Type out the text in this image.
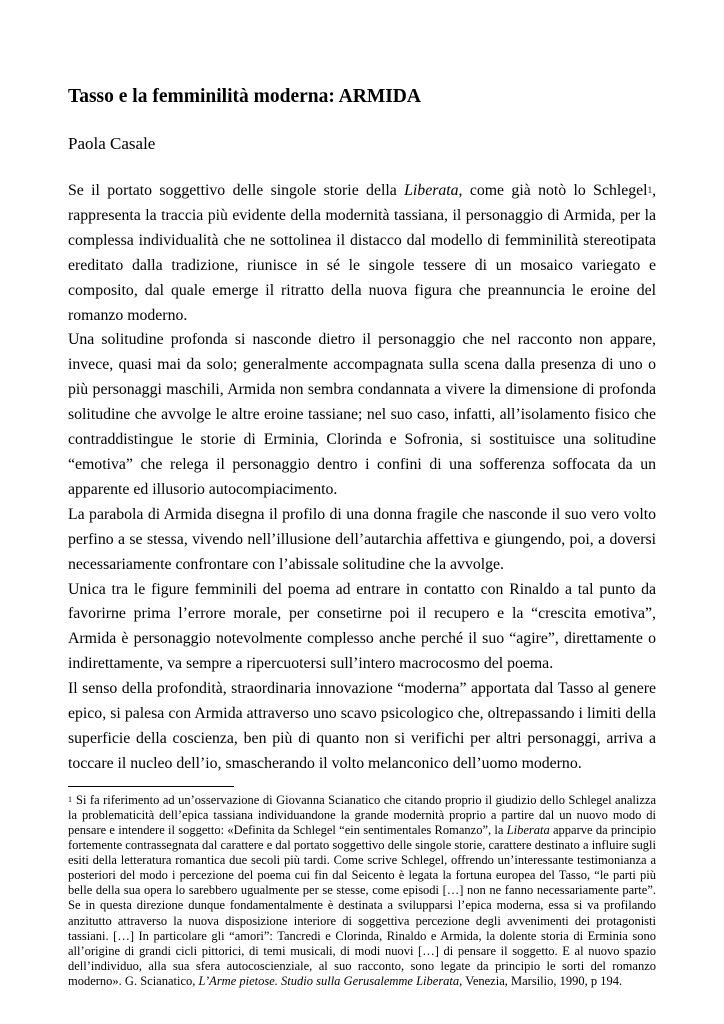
Tasso e la femminilità moderna: ARMIDA
Paola Casale

Se il portato soggettivo delle singole storie della Liberata, come già notò lo Schlegel$^1$, rappresenta la traccia più evidente della modernità tassiana, il personaggio di Armida, per la complessa individualità che ne sottolinea il distacco dal modello di femminilità stereotipata ereditato dalla tradizione, riunisce in sé le singole tessere di un mosaico variegato e composito, dal quale emerge il ritratto della nuova figura che preannuncia le eroine del romanzo moderno.

Una solitudine profonda si nasconde dietro il personaggio che nel racconto non appare, invece, quasi mai da solo; generalmente accompagnata sulla scena dalla presenza di uno o più personaggi maschili, Armida non sembra condannata a vivere la dimensione di profonda solitudine che avvolge le altre eroine tassiane; nel suo caso, infatti, all’isolamento fisico che contraddistingue le storie di Erminia, Clorinda e Sofronia, si sostituisce una solitudine “emotiva” che relega il personaggio dentro i confini di una sofferenza soffocata da un apparente ed illusorio autocompiacimento.

La parabola di Armida disegna il profilo di una donna fragile che nasconde il suo vero volto perfino a se stessa, vivendo nell’illusione dell’autarchia affettiva e giungendo, poi, a doversi necessariamente confrontare con l’abissale solitudine che la avvolge.

Unica tra le figure femminili del poema ad entrare in contatto con Rinaldo a tal punto da favorirne prima l’errore morale, per consetirne poi il recupero e la “crescita emotiva”, Armida è personaggio notevolmente complesso anche perché il suo “agire”, direttamente o indirettamente, va sempre a ripercuotersi sull’intero macrocosmo del poema.

Il senso della profondità, straordinaria innovazione “moderna” apportata dal Tasso al genere epico, si palesa con Armida attraverso uno scavo psicologico che, oltrepassando i limiti della superficie della coscienza, ben più di quanto non si verifichi per altri personaggi, arriva a toccare il nucleo dell’io, smascherando il volto melanconico dell’uomo moderno.

$^1$ Si fa riferimento ad un’osservazione di Giovanna Scianatico che citando proprio il giudizio dello Schlegel analizza la problematicità dell’epica tassiana individuandone la grande modernità proprio a partire dal un nuovo modo di pensare e intendere il soggetto: «Definita da Schlegel “ein sentimentales Romanzo”, la Liberata apparve da principio fortemente contrassegnata dal carattere e dal portato soggettivo delle singole storie, carattere destinato a influire sugli esiti della letteratura romantica due secoli più tardi. Come scrive Schlegel, offrendo un’interessante testimonianza a posteriori del modo i percezione del poema cui fin dal Seicento è legata la fortuna europea del Tasso, “le parti più belle della sua opera lo sarebbero ugualmente per se stesse, come episodi […] non ne fanno necessariamente parte”. Se in questa direzione dunque fondamentalmente è destinata a svilupparsi l’epica moderna, essa si va profilando anzitutto attraverso la nuova disposizione interiore di soggettiva percezione degli avvenimenti dei protagonisti tassiani. […] In particolare gli “amori”: Tancredi e Clorinda, Rinaldo e Armida, la dolente storia di Erminia sono all’origine di grandi cicli pittorici, di temi musicali, di modi nuovi […] di pensare il soggetto. E al nuovo spazio dell’individuo, alla sua sfera autocoscienziale, al suo racconto, sono legate da principio le sorti del romanzo moderno». G. Scianatico, L’Arme pietose. Studio sulla Gerusalemme Liberata, Venezia, Marsilio, 1990, p 194.
